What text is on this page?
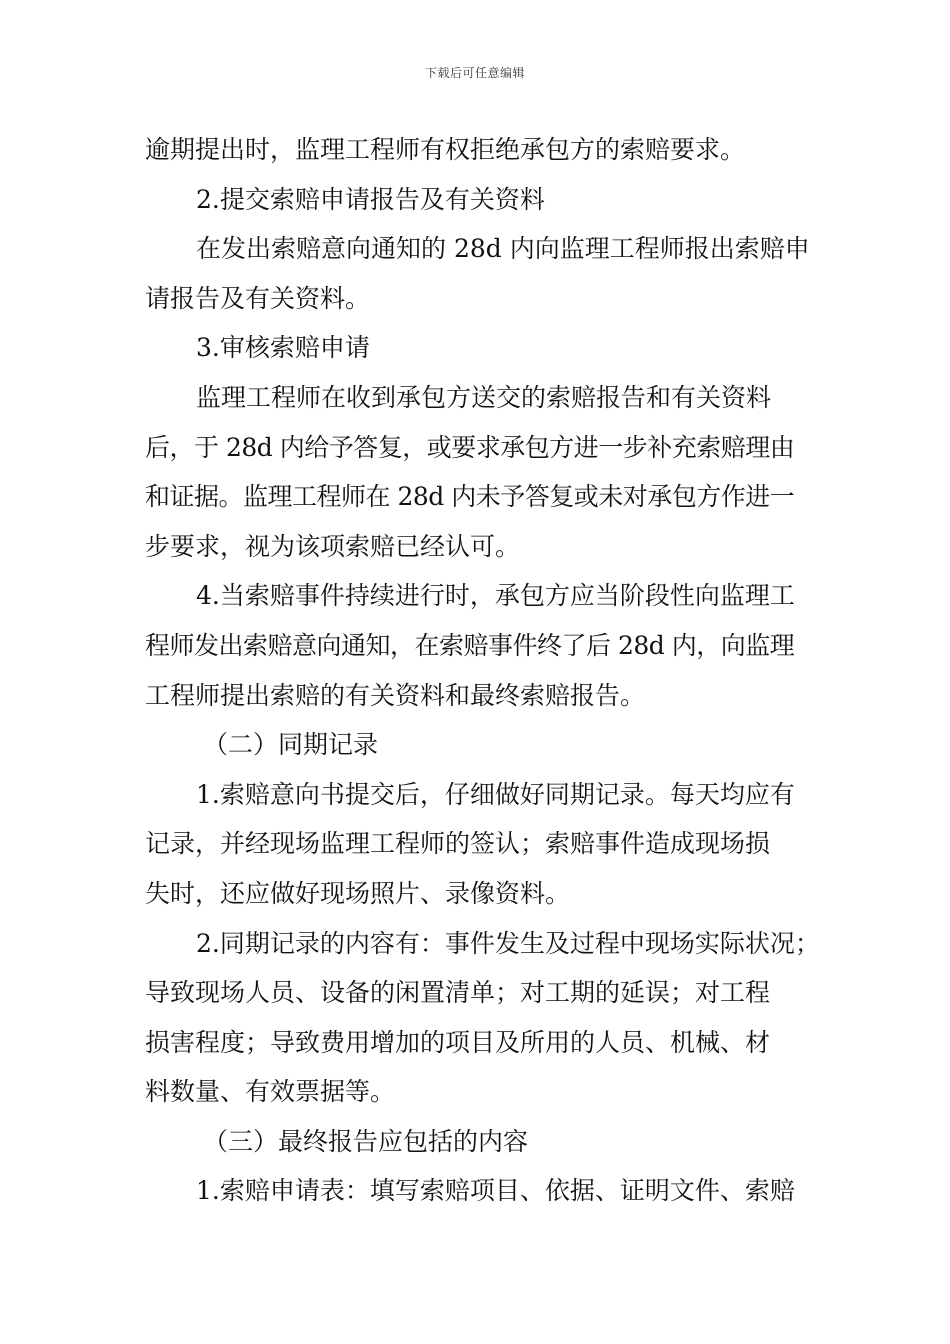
下载后可任意编辑
逾期提出时，监理工程师有权拒绝承包方的索赔要求。
2.提交索赔申请报告及有关资料
在发出索赔意向通知的 28d 内向监理工程师报出索赔申
请报告及有关资料。
3.审核索赔申请
监理工程师在收到承包方送交的索赔报告和有关资料
后，于 28d 内给予答复，或要求承包方进一步补充索赔理由
和证据。监理工程师在 28d 内未予答复或未对承包方作进一
步要求，视为该项索赔已经认可。
4.当索赔事件持续进行时，承包方应当阶段性向监理工
程师发出索赔意向通知，在索赔事件终了后 28d 内，向监理
工程师提出索赔的有关资料和最终索赔报告。
（二）同期记录
1.索赔意向书提交后，仔细做好同期记录。每天均应有
记录，并经现场监理工程师的签认；索赔事件造成现场损
失时，还应做好现场照片、录像资料。
2.同期记录的内容有：事件发生及过程中现场实际状况；
导致现场人员、设备的闲置清单；对工期的延误；对工程
损害程度；导致费用增加的项目及所用的人员、机械、材
料数量、有效票据等。
（三）最终报告应包括的内容
1.索赔申请表：填写索赔项目、依据、证明文件、索赔
